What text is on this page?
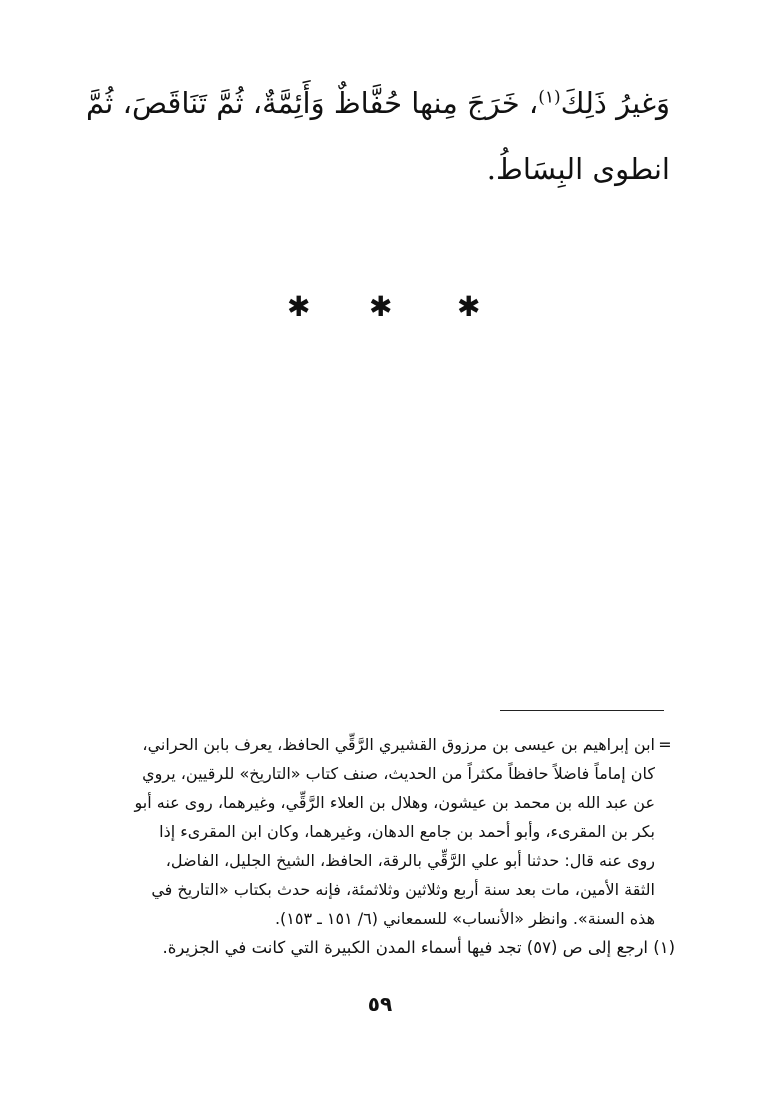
وَغيرُ ذَلِكَ$^{(١)}$، خَرَجَ مِنها حُفَّاظٌ وَأَئِمَّةٌ، ثُمَّ تَنَاقَصَ، ثُمَّ
انطوى البِسَاطُ.
✱ ✱ ✱
=ابن إبراهيم بن عيسى بن مرزوق القشيري الرَّقِّي الحافظ، يعرف بابن الحراني،
كان إماماً فاضلاً حافظاً مكثراً من الحديث، صنف كتاب «التاريخ» للرقيين، يروي
عن عبد الله بن محمد بن عيشون، وهلال بن العلاء الرَّقِّي، وغيرهما، روى عنه أبو
بكر بن المقرىء، وأبو أحمد بن جامع الدهان، وغيرهما، وكان ابن المقرىء إذا
روى عنه قال: حدثنا أبو علي الرَّقِّي بالرقة، الحافظ، الشيخ الجليل، الفاضل،
الثقة الأمين، مات بعد سنة أربع وثلاثين وثلاثمئة، فإنه حدث بكتاب «التاريخ في
هذه السنة». وانظر «الأنساب» للسمعاني (٦/ ١٥١ ـ ١٥٣).
(١) ارجع إلى ص (٥٧) تجد فيها أسماء المدن الكبيرة التي كانت في الجزيرة.
٥٩
